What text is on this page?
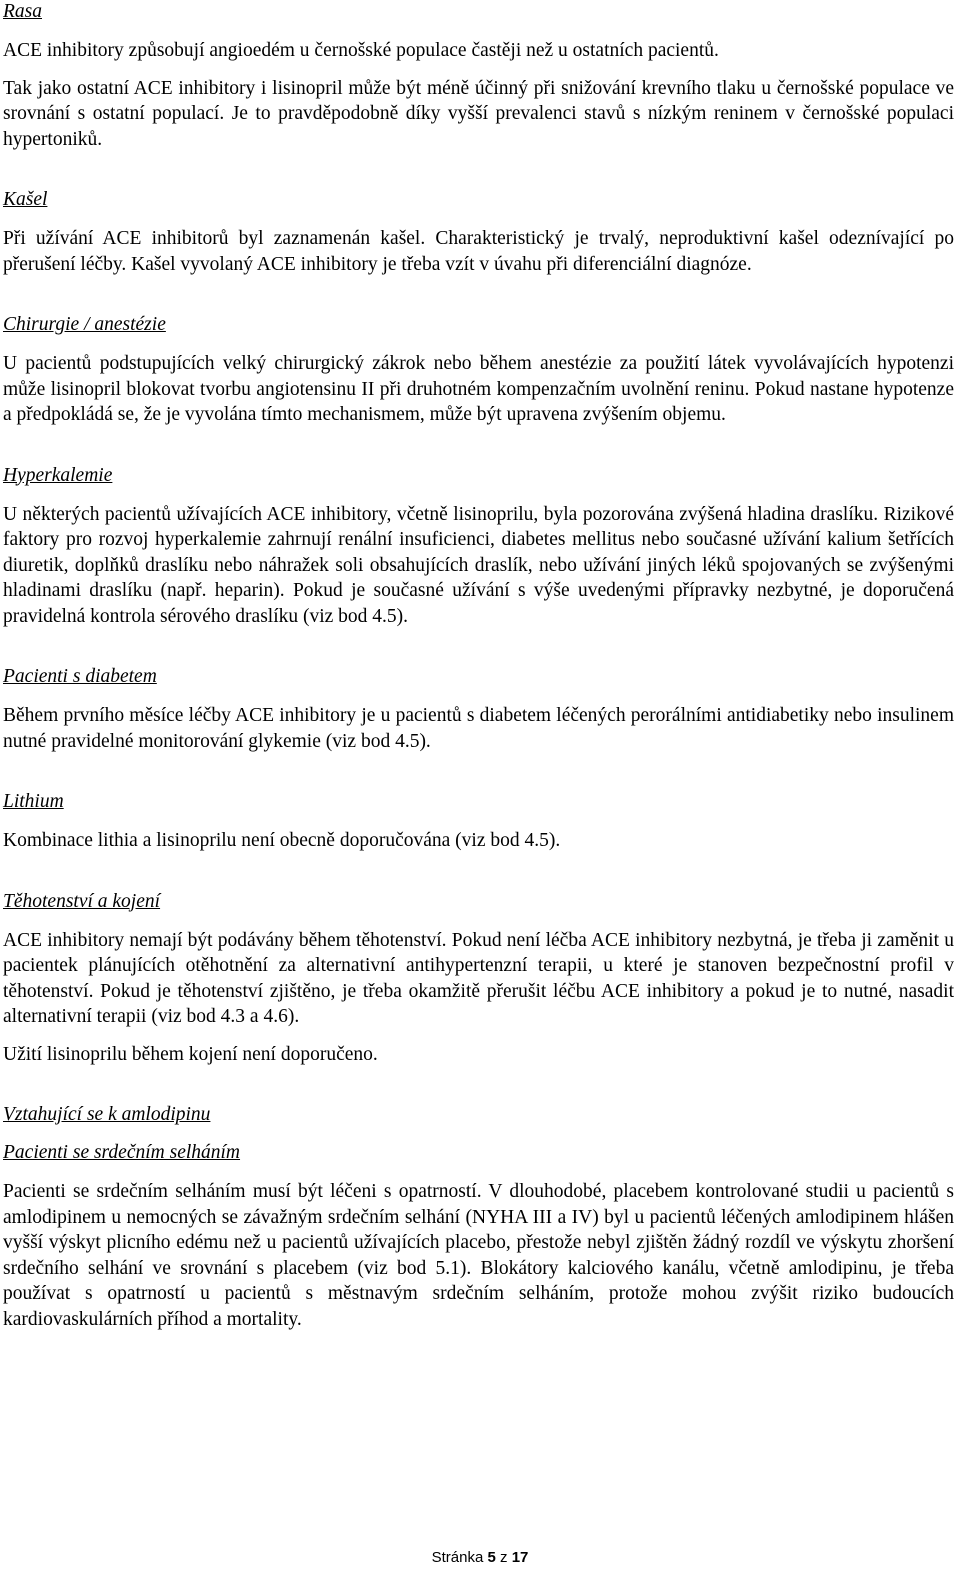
Rasa

ACE inhibitory způsobují angioedém u černošské populace častěji než u ostatních pacientů.

Tak jako ostatní ACE inhibitory i lisinopril může být méně účinný při snižování krevního tlaku u černošské populace ve srovnání s ostatní populací. Je to pravděpodobně díky vyšší prevalenci stavů s nízkým reninem v černošské populaci hypertoniků.

Kašel

Při užívání ACE inhibitorů byl zaznamenán kašel. Charakteristický je trvalý, neproduktivní kašel odeznívající po přerušení léčby. Kašel vyvolaný ACE inhibitory je třeba vzít v úvahu při diferenciální diagnóze.

Chirurgie / anestézie

U pacientů podstupujících velký chirurgický zákrok nebo během anestézie za použití látek vyvolávajících hypotenzi může lisinopril blokovat tvorbu angiotensinu II při druhotném kompenzačním uvolnění reninu. Pokud nastane hypotenze a předpokládá se, že je vyvolána tímto mechanismem, může být upravena zvýšením objemu.

Hyperkalemie

U některých pacientů užívajících ACE inhibitory, včetně lisinoprilu, byla pozorována zvýšená hladina draslíku. Rizikové faktory pro rozvoj hyperkalemie zahrnují renální insuficienci, diabetes mellitus nebo současné užívání kalium šetřících diuretik, doplňků draslíku nebo náhražek soli obsahujících draslík, nebo užívání jiných léků spojovaných se zvýšenými hladinami draslíku (např. heparin). Pokud je současné užívání s výše uvedenými přípravky nezbytné, je doporučená pravidelná kontrola sérového draslíku (viz bod 4.5).

Pacienti s diabetem

Během prvního měsíce léčby ACE inhibitory je u pacientů s diabetem léčených perorálními antidiabetiky nebo insulinem nutné pravidelné monitorování glykemie (viz bod 4.5).

Lithium

Kombinace lithia a lisinoprilu není obecně doporučována (viz bod 4.5).

Těhotenství a kojení

ACE inhibitory nemají být podávány během těhotenství. Pokud není léčba ACE inhibitory nezbytná, je třeba ji zaměnit u pacientek plánujících otěhotnění za alternativní antihypertenzní terapii, u které je stanoven bezpečnostní profil v těhotenství. Pokud je těhotenství zjištěno, je třeba okamžitě přerušit léčbu ACE inhibitory a pokud je to nutné, nasadit alternativní terapii (viz bod 4.3 a 4.6).

Užití lisinoprilu během kojení není doporučeno.

Vztahující se k amlodipinu
Pacienti se srdečním selháním

Pacienti se srdečním selháním musí být léčeni s opatrností. V dlouhodobé, placebem kontrolované studii u pacientů s amlodipinem u nemocných se závažným srdečním selhání (NYHA III a IV) byl u pacientů léčených amlodipinem hlášen vyšší výskyt plicního edému než u pacientů užívajících placebo, přestože nebyl zjištěn žádný rozdíl ve výskytu zhoršení srdečního selhání ve srovnání s placebem (viz bod 5.1). Blokátory kalciového kanálu, včetně amlodipinu, je třeba používat s opatrností u pacientů s městnavým srdečním selháním, protože mohou zvýšit riziko budoucích kardiovaskulárních příhod a mortality.

Stránka 5 z 17
